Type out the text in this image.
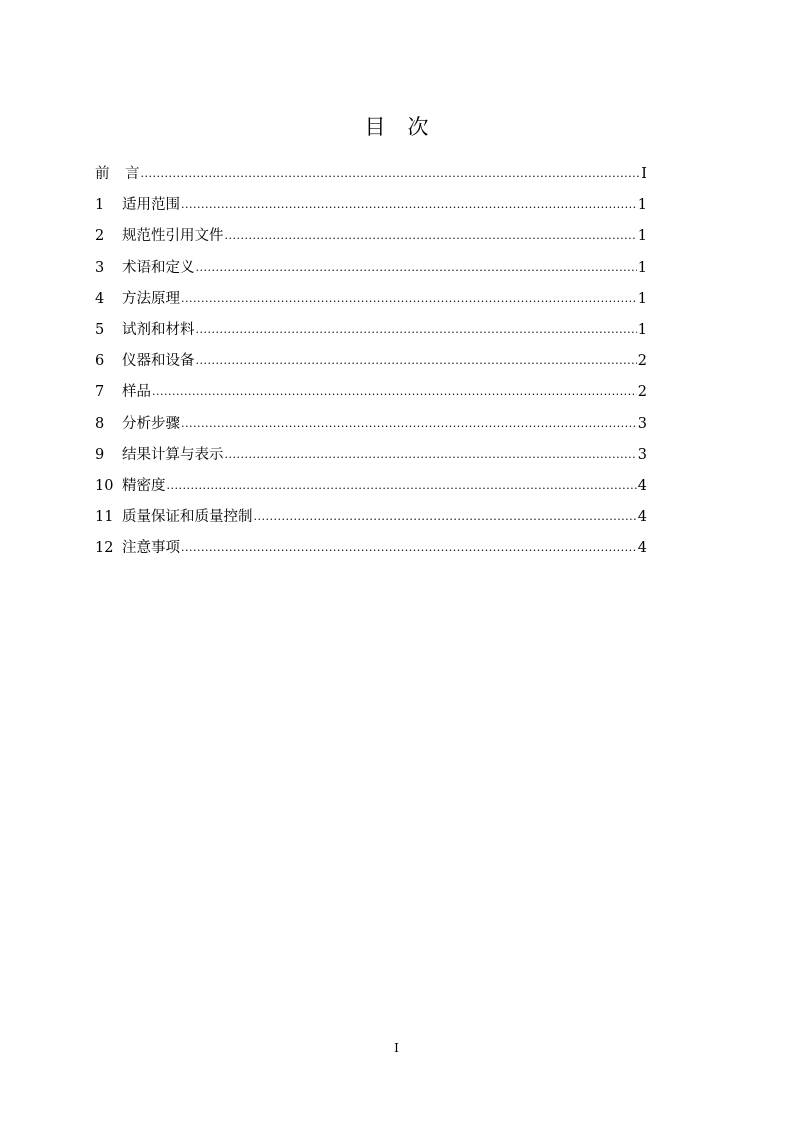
目 次
前 言 .....	I
1	适用范围 .....	1
2	规范性引用文件 .....	1
3	术语和定义 .....	1
4	方法原理 .....	1
5	试剂和材料 .....	1
6	仪器和设备 .....	2
7	样品 .....	2
8	分析步骤 .....	3
9	结果计算与表示 .....	3
10 精密度 .....	4
11 质量保证和质量控制 .....	4
12 注意事项 .....	4
I
